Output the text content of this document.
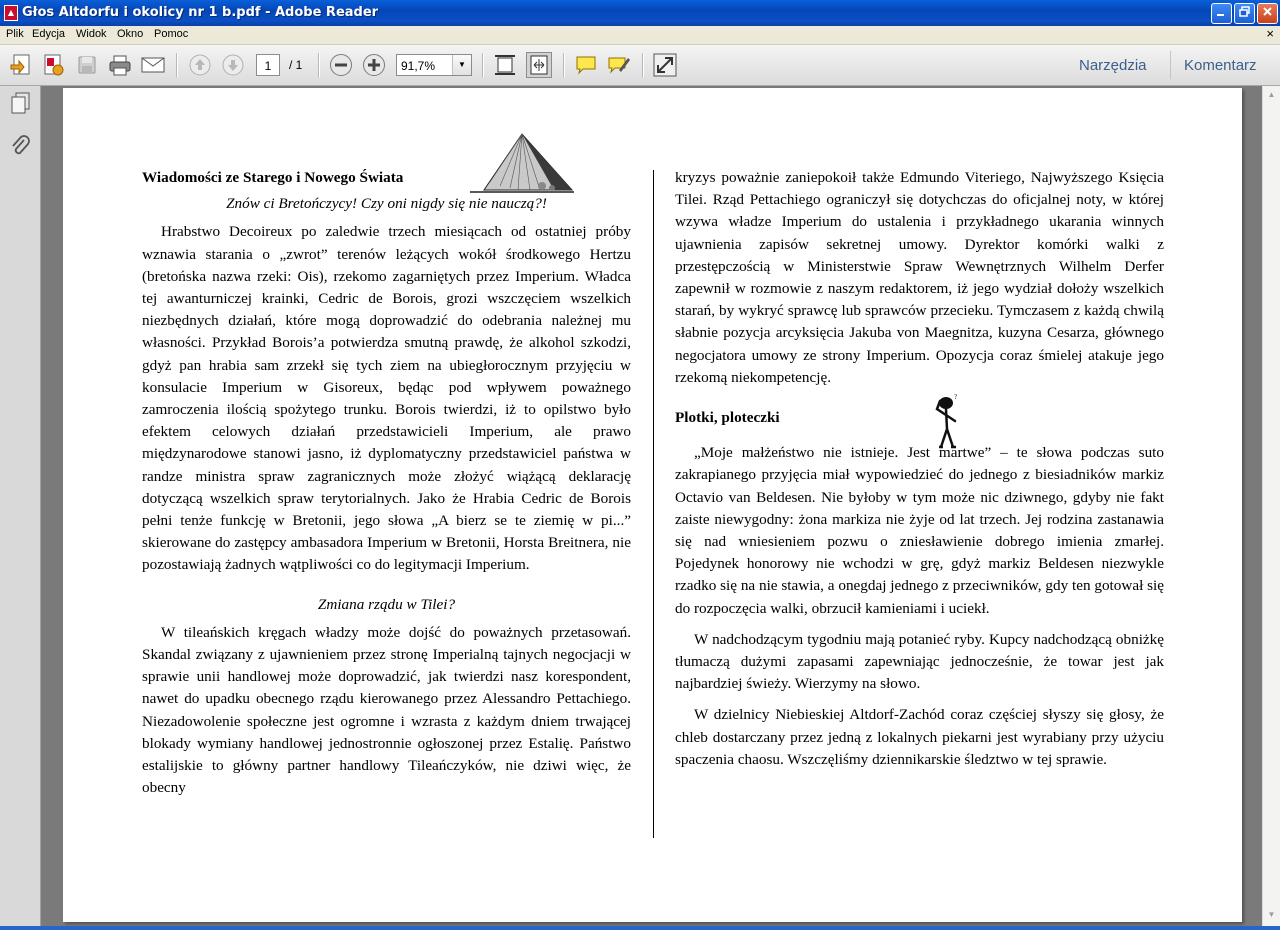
▲ Głos Altdorfu i okolicy nr 1 b.pdf - Adobe Reader
Plik Edycja Widok Okno Pomoc	×
1	/ 1	91,7%	▼	Narzędzia Komentarz
?

Wiadomości ze Starego i Nowego Świata

Znów ci Bretończycy! Czy oni nigdy się nie nauczą?!

Hrabstwo Decoireux po zaledwie trzech miesiącach od ostatniej próby wznawia starania o „zwrot” terenów leżących wokół środkowego Hertzu (bretońska nazwa rzeki: Ois), rzekomo zagarniętych przez Imperium. Władca tej awanturniczej krainki, Cedric de Borois, grozi wszczęciem wszelkich niezbędnych działań, które mogą doprowadzić do odebrania należnej mu własności. Przykład Borois’a potwierdza smutną prawdę, że alkohol szkodzi, gdyż pan hrabia sam zrzekł się tych ziem na ubiegłorocznym przyjęciu w konsulacie Imperium w Gisoreux, będąc pod wpływem poważnego zamroczenia ilością spożytego trunku. Borois twierdzi, iż to opilstwo było efektem celowych działań przedstawicieli Imperium, ale prawo międzynarodowe stanowi jasno, iż dyplomatyczny przedstawiciel państwa w randze ministra spraw zagranicznych może złożyć wiążącą deklarację dotyczącą wszelkich spraw terytorialnych. Jako że Hrabia Cedric de Borois pełni tenże funkcję w Bretonii, jego słowa „A bierz se te ziemię w pi...” skierowane do zastępcy ambasadora Imperium w Bretonii, Horsta Breitnera, nie pozostawiają żadnych wątpliwości co do legitymacji Imperium.

Zmiana rządu w Tilei?

W tileańskich kręgach władzy może dojść do poważnych przetasowań. Skandal związany z ujawnieniem przez stronę Imperialną tajnych negocjacji w sprawie unii handlowej może doprowadzić, jak twierdzi nasz korespondent, nawet do upadku obecnego rządu kierowanego przez Alessandro Pettachiego. Niezadowolenie społeczne jest ogromne i wzrasta z każdym dniem trwającej blokady wymiany handlowej jednostronnie ogłoszonej przez Estalię. Państwo estalijskie to główny partner handlowy Tileańczyków, nie dziwi więc, że obecny

kryzys poważnie zaniepokoił także Edmundo Viteriego, Najwyższego Księcia Tilei. Rząd Pettachiego ograniczył się dotychczas do oficjalnej noty, w której wzywa władze Imperium do ustalenia i przykładnego ukarania winnych ujawnienia zapisów sekretnej umowy. Dyrektor komórki walki z przestępczością w Ministerstwie Spraw Wewnętrznych Wilhelm Derfer zapewnił w rozmowie z naszym redaktorem, iż jego wydział dołoży wszelkich starań, by wykryć sprawcę lub sprawców przecieku. Tymczasem z każdą chwilą słabnie pozycja arcyksięcia Jakuba von Maegnitza, kuzyna Cesarza, głównego negocjatora umowy ze strony Imperium. Opozycja coraz śmielej atakuje jego rzekomą niekompetencję.

Plotki, ploteczki

„Moje małżeństwo nie istnieje. Jest martwe” – te słowa podczas suto zakrapianego przyjęcia miał wypowiedzieć do jednego z biesiadników markiz Octavio van Beldesen. Nie byłoby w tym może nic dziwnego, gdyby nie fakt zaiste niewygodny: żona markiza nie żyje od lat trzech. Jej rodzina zastanawia się nad wniesieniem pozwu o zniesławienie dobrego imienia zmarłej. Pojedynek honorowy nie wchodzi w grę, gdyż markiz Beldesen niezwykle rzadko się na nie stawia, a onegdaj jednego z przeciwników, gdy ten gotował się do rozpoczęcia walki, obrzucił kamieniami i uciekł.

W nadchodzącym tygodniu mają potanieć ryby. Kupcy nadchodzącą obniżkę tłumaczą dużymi zapasami zapewniając jednocześnie, że towar jest jak najbardziej świeży. Wierzymy na słowo.

W dzielnicy Niebieskiej Altdorf-Zachód coraz częściej słyszy się głosy, że chleb dostarczany przez jedną z lokalnych piekarni jest wyrabiany przy użyciu spaczenia chaosu. Wszczęliśmy dziennikarskie śledztwo w tej sprawie.

▲
▼
